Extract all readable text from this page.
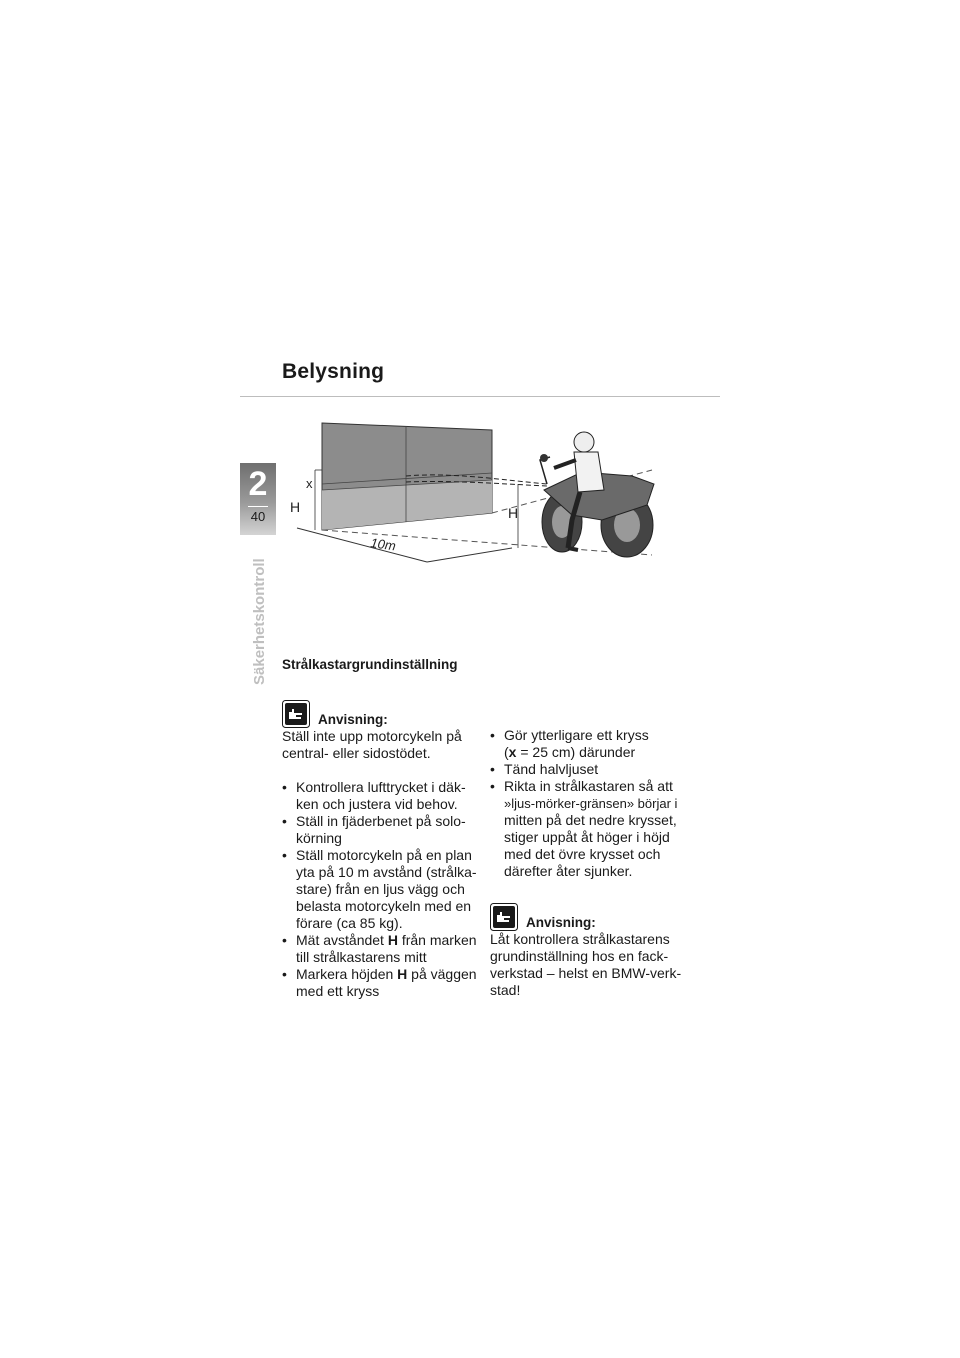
Belysning
2
40
Säkerhetskontroll
x
H	H
10m
Strålkastargrundinställning
Anvisning:

Ställ inte upp motorcykeln på

central- eller sidostödet.

• Kontrollera lufttrycket i däk-
ken och justera vid behov.
• Ställ in fjäderbenet på solo-
körning
• Ställ motorcykeln på en plan
yta på 10 m avstånd (strålka-
stare) från en ljus vägg och
belasta motorcykeln med en
förare (ca 85 kg).
• Mät avståndet H från marken
till strålkastarens mitt
• Markera höjden H på väggen
med ett kryss
• Gör ytterligare ett kryss
(x = 25 cm) därunder
• Tänd halvljuset
• Rikta in strålkastaren så att
»ljus-mörker-gränsen» börjar i
mitten på det nedre krysset,
stiger uppåt åt höger i höjd
med det övre krysset och
därefter åter sjunker.
Anvisning:

Låt kontrollera strålkastarens

grundinställning hos en fack-

verkstad – helst en BMW-verk-

stad!
